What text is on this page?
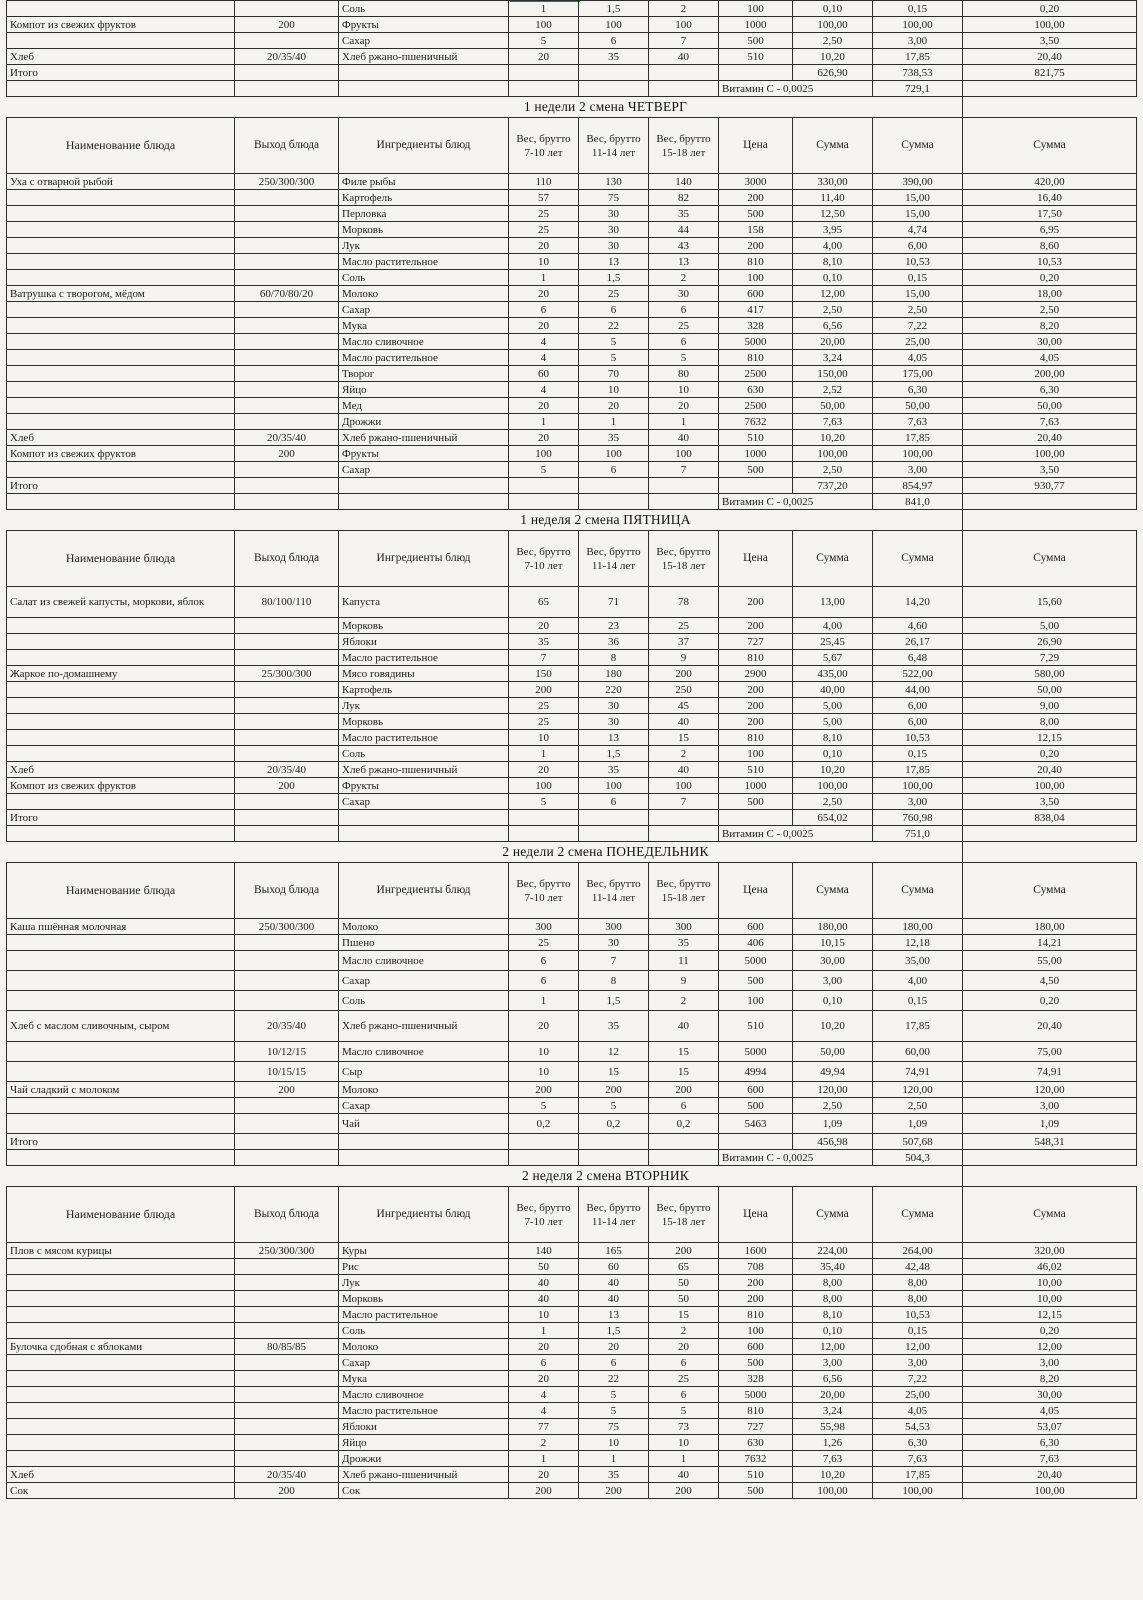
		Соль	1	1,5	2	100	0,10	0,15	0,20
Компот из свежих фруктов	200	Фрукты	100	100	100	1000	100,00	100,00	100,00
		Сахар	5	6	7	500	2,50	3,00	3,50
Хлеб	20/35/40	Хлеб ржано-пшеничный	20	35	40	510	10,20	17,85	20,40
Итого							626,90	738,53	821,75
						Витамин С - 0,0025		729,1	
		1 недели 2 смена ЧЕТВЕРГ							
Наименование блюда	Выход блюда	Ингредиенты блюд	Вес, брутто 7-10 лет	Вес, брутто 11-14 лет	Вес, брутто 15-18 лет	Цена	Сумма	Сумма	Сумма
Уха с отварной рыбой	250/300/300	Филе рыбы	110	130	140	3000	330,00	390,00	420,00
		Картофель	57	75	82	200	11,40	15,00	16,40
		Перловка	25	30	35	500	12,50	15,00	17,50
		Морковь	25	30	44	158	3,95	4,74	6,95
		Лук	20	30	43	200	4,00	6,00	8,60
		Масло растительное	10	13	13	810	8,10	10,53	10,53
		Соль	1	1,5	2	100	0,10	0,15	0,20
Ватрушка с творогом, мёдом	60/70/80/20	Молоко	20	25	30	600	12,00	15,00	18,00
		Сахар	6	6	6	417	2,50	2,50	2,50
		Мука	20	22	25	328	6,56	7,22	8,20
		Масло сливочное	4	5	6	5000	20,00	25,00	30,00
		Масло растительное	4	5	5	810	3,24	4,05	4,05
		Творог	60	70	80	2500	150,00	175,00	200,00
		Яйцо	4	10	10	630	2,52	6,30	6,30
		Мед	20	20	20	2500	50,00	50,00	50,00
		Дрожжи	1	1	1	7632	7,63	7,63	7,63
Хлеб	20/35/40	Хлеб ржано-пшеничный	20	35	40	510	10,20	17,85	20,40
Компот из свежих фруктов	200	Фрукты	100	100	100	1000	100,00	100,00	100,00
		Сахар	5	6	7	500	2,50	3,00	3,50
Итого							737,20	854,97	930,77
						Витамин С - 0,0025		841,0	
		1 неделя 2 смена ПЯТНИЦА							
Наименование блюда	Выход блюда	Ингредиенты блюд	Вес, брутто 7-10 лет	Вес, брутто 11-14 лет	Вес, брутто 15-18 лет	Цена	Сумма	Сумма	Сумма
Салат из свежей капусты, моркови, яблок	80/100/110	Капуста	65	71	78	200	13,00	14,20	15,60
		Морковь	20	23	25	200	4,00	4,60	5,00
		Яблоки	35	36	37	727	25,45	26,17	26,90
		Масло растительное	7	8	9	810	5,67	6,48	7,29
Жаркое по-домашнему	25/300/300	Мясо говядины	150	180	200	2900	435,00	522,00	580,00
		Картофель	200	220	250	200	40,00	44,00	50,00
		Лук	25	30	45	200	5,00	6,00	9,00
		Морковь	25	30	40	200	5,00	6,00	8,00
		Масло растительное	10	13	15	810	8,10	10,53	12,15
		Соль	1	1,5	2	100	0,10	0,15	0,20
Хлеб	20/35/40	Хлеб ржано-пшеничный	20	35	40	510	10,20	17,85	20,40
Компот из свежих фруктов	200	Фрукты	100	100	100	1000	100,00	100,00	100,00
		Сахар	5	6	7	500	2,50	3,00	3,50
Итого							654,02	760,98	838,04
						Витамин С - 0,0025		751,0	
		2 недели 2 смена ПОНЕДЕЛЬНИК							
Наименование блюда	Выход блюда	Ингредиенты блюд	Вес, брутто 7-10 лет	Вес, брутто 11-14 лет	Вес, брутто 15-18 лет	Цена	Сумма	Сумма	Сумма
Каша пшённая молочная	250/300/300	Молоко	300	300	300	600	180,00	180,00	180,00
		Пшено	25	30	35	406	10,15	12,18	14,21
		Масло сливочное	6	7	11	5000	30,00	35,00	55,00
		Сахар	6	8	9	500	3,00	4,00	4,50
		Соль	1	1,5	2	100	0,10	0,15	0,20
Хлеб с маслом сливочным, сыром	20/35/40	Хлеб ржано-пшеничный	20	35	40	510	10,20	17,85	20,40
	10/12/15	Масло сливочное	10	12	15	5000	50,00	60,00	75,00
	10/15/15	Сыр	10	15	15	4994	49,94	74,91	74,91
Чай сладкий с молоком	200	Молоко	200	200	200	600	120,00	120,00	120,00
		Сахар	5	5	6	500	2,50	2,50	3,00
		Чай	0,2	0,2	0,2	5463	1,09	1,09	1,09
Итого							456,98	507,68	548,31
						Витамин С - 0,0025		504,3	
		2 неделя 2 смена ВТОРНИК							
Наименование блюда	Выход блюда	Ингредиенты блюд	Вес, брутто 7-10 лет	Вес, брутто 11-14 лет	Вес, брутто 15-18 лет	Цена	Сумма	Сумма	Сумма
Плов с мясом курицы	250/300/300	Куры	140	165	200	1600	224,00	264,00	320,00
		Рис	50	60	65	708	35,40	42,48	46,02
		Лук	40	40	50	200	8,00	8,00	10,00
		Морковь	40	40	50	200	8,00	8,00	10,00
		Масло растительное	10	13	15	810	8,10	10,53	12,15
		Соль	1	1,5	2	100	0,10	0,15	0,20
Булочка сдобная с яблоками	80/85/85	Молоко	20	20	20	600	12,00	12,00	12,00
		Сахар	6	6	6	500	3,00	3,00	3,00
		Мука	20	22	25	328	6,56	7,22	8,20
		Масло сливочное	4	5	6	5000	20,00	25,00	30,00
		Масло растительное	4	5	5	810	3,24	4,05	4,05
		Яблоки	77	75	73	727	55,98	54,53	53,07
		Яйцо	2	10	10	630	1,26	6,30	6,30
		Дрожжи	1	1	1	7632	7,63	7,63	7,63
Хлеб	20/35/40	Хлеб ржано-пшеничный	20	35	40	510	10,20	17,85	20,40
Сок	200	Сок	200	200	200	500	100,00	100,00	100,00
